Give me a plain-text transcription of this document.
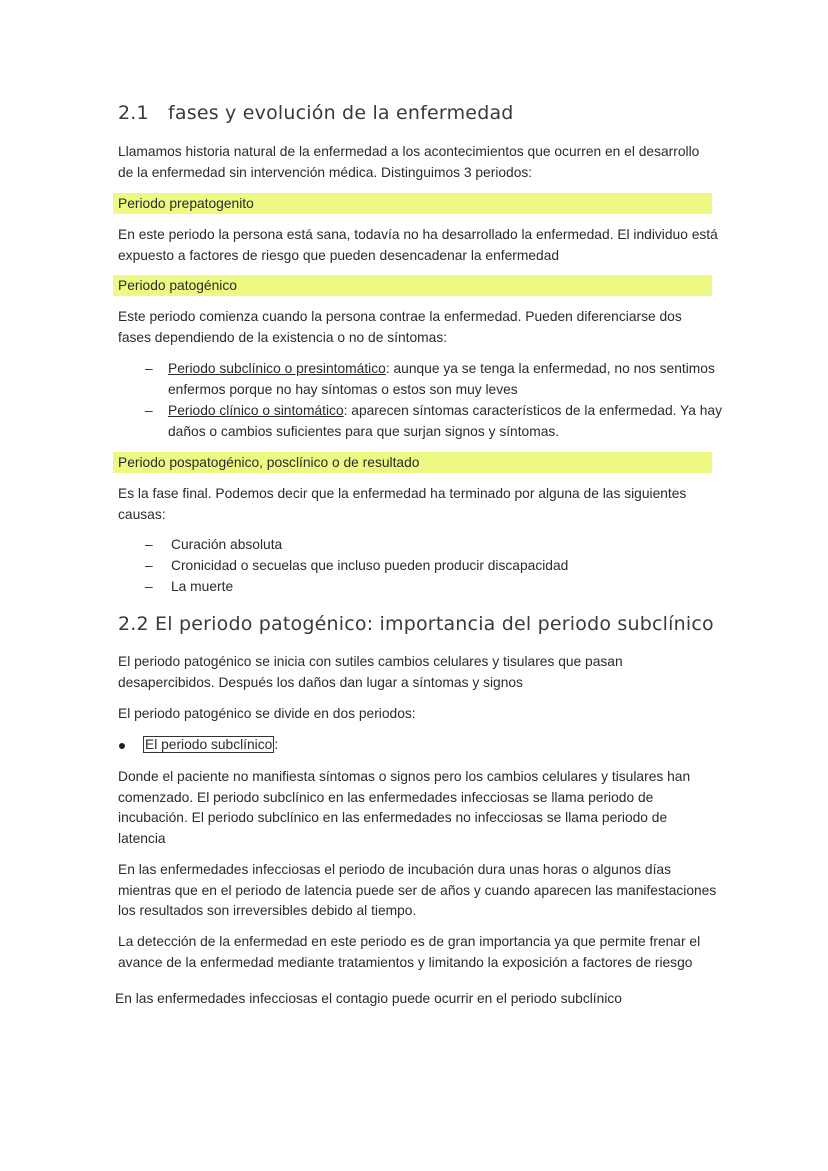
2.1 fases y evolución de la enfermedad

Llamamos historia natural de la enfermedad a los acontecimientos que ocurren en el desarrollo de la enfermedad sin intervención médica. Distinguimos 3 periodos:

Periodo prepatogenito

En este periodo la persona está sana, todavía no ha desarrollado la enfermedad. El individuo está expuesto a factores de riesgo que pueden desencadenar la enfermedad

Periodo patogénico

Este periodo comienza cuando la persona contrae la enfermedad. Pueden diferenciarse dos fases dependiendo de la existencia o no de síntomas:

– Periodo subclínico o presintomático: aunque ya se tenga la enfermedad, no nos sentimos enfermos porque no hay síntomas o estos son muy leves
– Periodo clínico o sintomático: aparecen síntomas característicos de la enfermedad. Ya hay daños o cambios suficientes para que surjan signos y síntomas.
Periodo pospatogénico, posclínico o de resultado

Es la fase final. Podemos decir que la enfermedad ha terminado por alguna de las siguientes causas:

– Curación absoluta
– Cronicidad o secuelas que incluso pueden producir discapacidad
– La muerte
2.2 El periodo patogénico: importancia del periodo subclínico

El periodo patogénico se inicia con sutiles cambios celulares y tisulares que pasan desapercibidos. Después los daños dan lugar a síntomas y signos

El periodo patogénico se divide en dos periodos:

El periodo subclínico :

Donde el paciente no manifiesta síntomas o signos pero los cambios celulares y tisulares han comenzado. El periodo subclínico en las enfermedades infecciosas se llama periodo de incubación. El periodo subclínico en las enfermedades no infecciosas se llama periodo de latencia

En las enfermedades infecciosas el periodo de incubación dura unas horas o algunos días mientras que en el periodo de latencia puede ser de años y cuando aparecen las manifestaciones los resultados son irreversibles debido al tiempo.

La detección de la enfermedad en este periodo es de gran importancia ya que permite frenar el avance de la enfermedad mediante tratamientos y limitando la exposición a factores de riesgo

En las enfermedades infecciosas el contagio puede ocurrir en el periodo subclínico
